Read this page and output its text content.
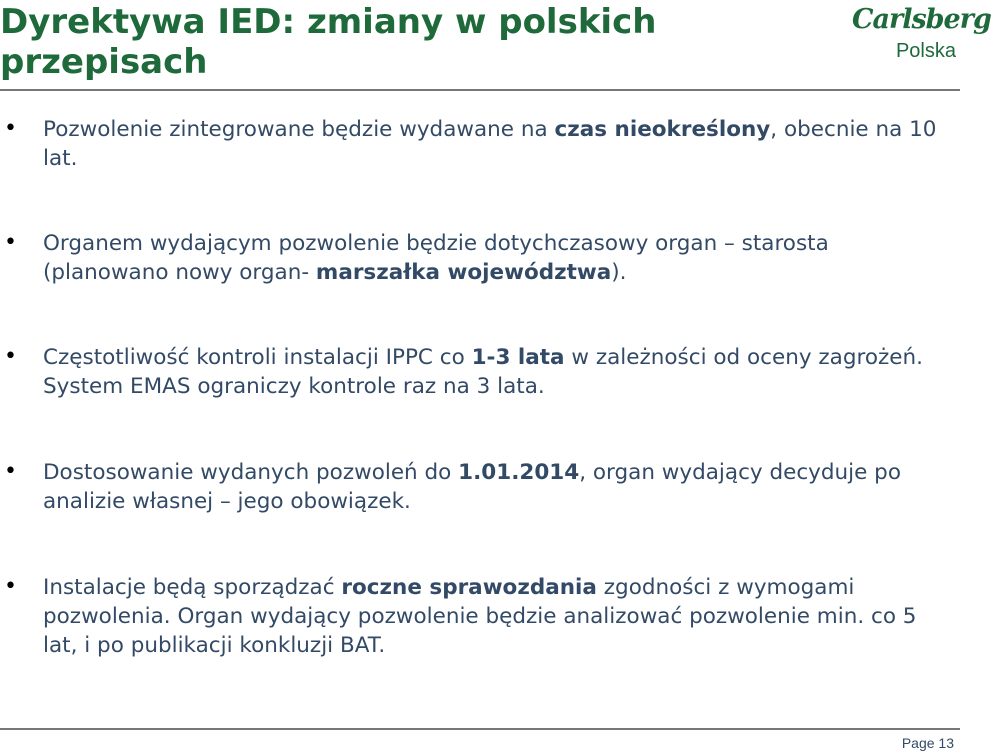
Dyrektywa IED: zmiany w polskich przepisach
Carlsberg
Polska
• Pozwolenie zintegrowane będzie wydawane na czas nieokreślony, obecnie na 10 lat.
• Organem wydającym pozwolenie będzie dotychczasowy organ – starosta (planowano nowy organ- marszałka województwa).
• Częstotliwość kontroli instalacji IPPC co 1-3 lata w zależności od oceny zagrożeń. System EMAS ograniczy kontrole raz na 3 lata.
• Dostosowanie wydanych pozwoleń do 1.01.2014, organ wydający decyduje po analizie własnej – jego obowiązek.
• Instalacje będą sporządzać roczne sprawozdania zgodności z wymogami pozwolenia. Organ wydający pozwolenie będzie analizować pozwolenie min. co 5 lat, i po publikacji konkluzji BAT.
Page 13
